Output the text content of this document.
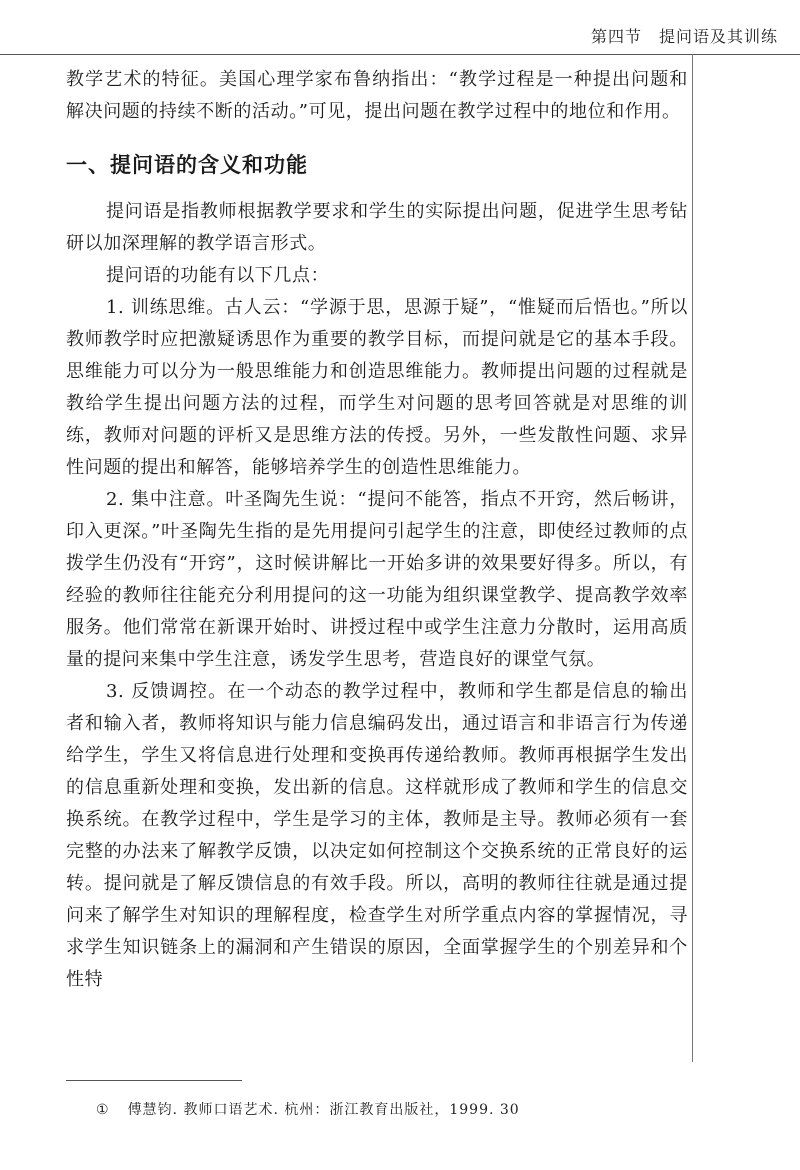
第四节　提问语及其训练

教学艺术的特征。美国心理学家布鲁纳指出：“教学过程是一种提出问题和解决问题的持续不断的活动。”可见，提出问题在教学过程中的地位和作用。

一、提问语的含义和功能

提问语是指教师根据教学要求和学生的实际提出问题，促进学生思考钻研以加深理解的教学语言形式。

提问语的功能有以下几点：

1. 训练思维。古人云：“学源于思，思源于疑”，“惟疑而后悟也。”所以教师教学时应把激疑诱思作为重要的教学目标，而提问就是它的基本手段。思维能力可以分为一般思维能力和创造思维能力。教师提出问题的过程就是教给学生提出问题方法的过程，而学生对问题的思考回答就是对思维的训练，教师对问题的评析又是思维方法的传授。另外，一些发散性问题、求异性问题的提出和解答，能够培养学生的创造性思维能力。

2. 集中注意。叶圣陶先生说：“提问不能答，指点不开窍，然后畅讲，印入更深。”叶圣陶先生指的是先用提问引起学生的注意，即使经过教师的点拨学生仍没有“开窍”，这时候讲解比一开始多讲的效果要好得多。所以，有经验的教师往往能充分利用提问的这一功能为组织课堂教学、提高教学效率服务。他们常常在新课开始时、讲授过程中或学生注意力分散时，运用高质量的提问来集中学生注意，诱发学生思考，营造良好的课堂气氛。

3. 反馈调控。在一个动态的教学过程中，教师和学生都是信息的输出者和输入者，教师将知识与能力信息编码发出，通过语言和非语言行为传递给学生，学生又将信息进行处理和变换再传递给教师。教师再根据学生发出的信息重新处理和变换，发出新的信息。这样就形成了教师和学生的信息交换系统。在教学过程中，学生是学习的主体，教师是主导。教师必须有一套完整的办法来了解教学反馈，以决定如何控制这个交换系统的正常良好的运转。提问就是了解反馈信息的有效手段。所以，高明的教师往往就是通过提问来了解学生对知识的理解程度，检查学生对所学重点内容的掌握情况，寻求学生知识链条上的漏洞和产生错误的原因，全面掌握学生的个别差异和个性特

① 傅慧钧. 教师口语艺术. 杭州：浙江教育出版社，1999. 30
